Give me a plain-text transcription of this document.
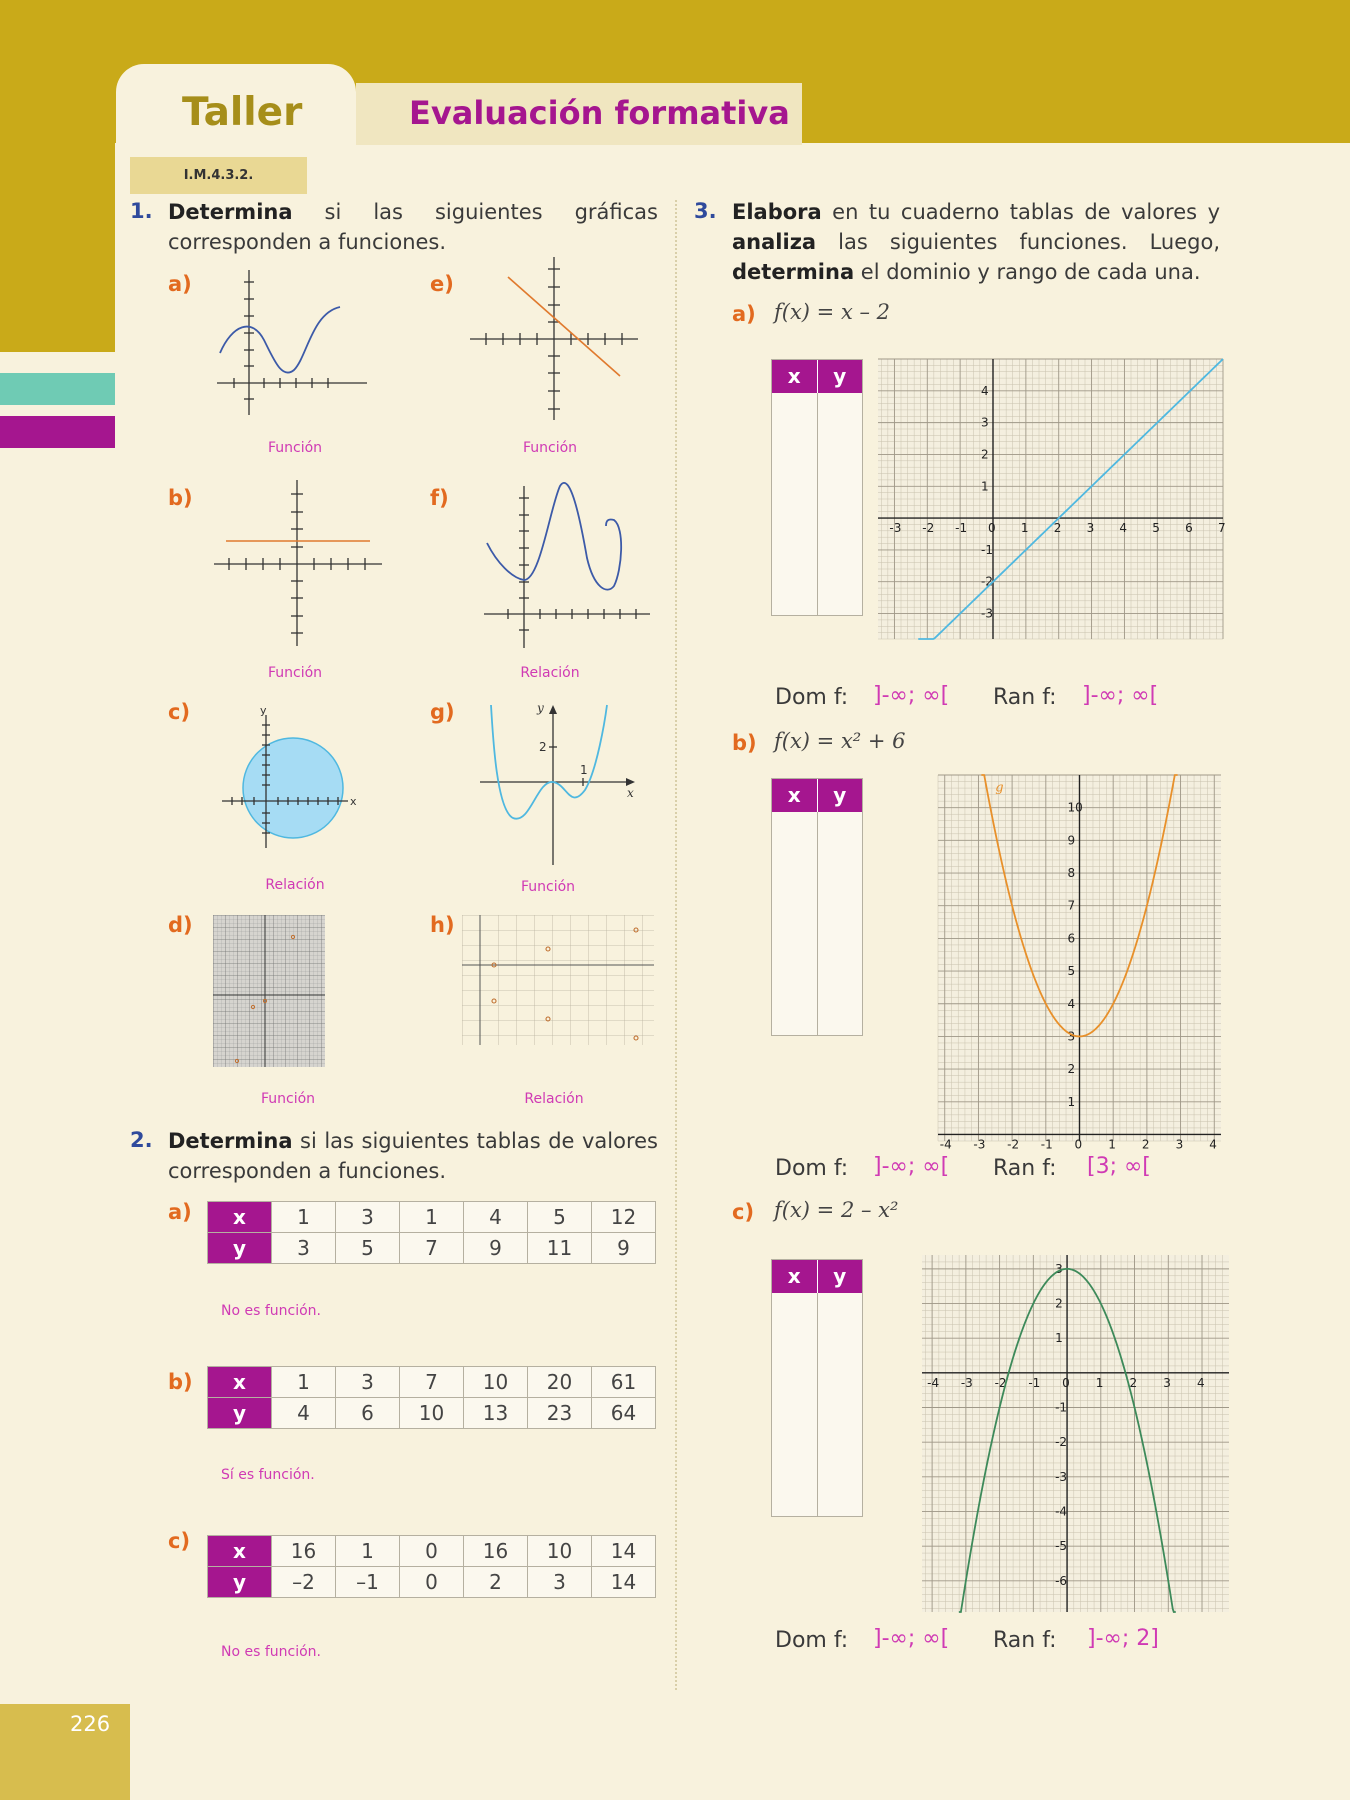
Taller	Evaluación formativa
I.M.4.3.2.
1. Determina si las siguientes gráficas corresponden a funciones.
a)
b)
c)
d)
e)
f)
g)
h)
Función
Función
Relación
Función
Función
Relación
Función
Relación
y
x
y
x
2
1
2. Determina si las siguientes tablas de valores corresponden a funciones.
a) x	1	3	1	4	5	12
y	3	5	7	9	11	9
No es función.
b) x	1	3	7	10	20	61
y	4	6	10	13	23	64
Sí es función.
c) x	16	1	0	16	10	14
y	–2	–1	0	2	3	14
No es función.
3. Elabora en tu cuaderno tablas de valores y analiza las siguientes funciones. Luego, determina el dominio y rango de cada una.
a) f(x) = x – 2
x	y
-3 -2 -1 0 1 2 3 4 5 6 7
-3
-2
-1
1
2
3
4
Dom f: ]-∞; ∞[ Ran f: ]-∞; ∞[
b) f(x) = x² + 6
x	y
-4 -3 -2 -1 0 1 2 3 4
1
2
3
4
5
6
7
8
9
10
g
Dom f: ]-∞; ∞[ Ran f: [3; ∞[
c) f(x) = 2 – x²
x	y
-4 -3 -2 -1 0 1 2 3 4
-6
-5
-4
-3
-2
-1
1
2
3
Dom f: ]-∞; ∞[ Ran f: ]-∞; 2]
226
